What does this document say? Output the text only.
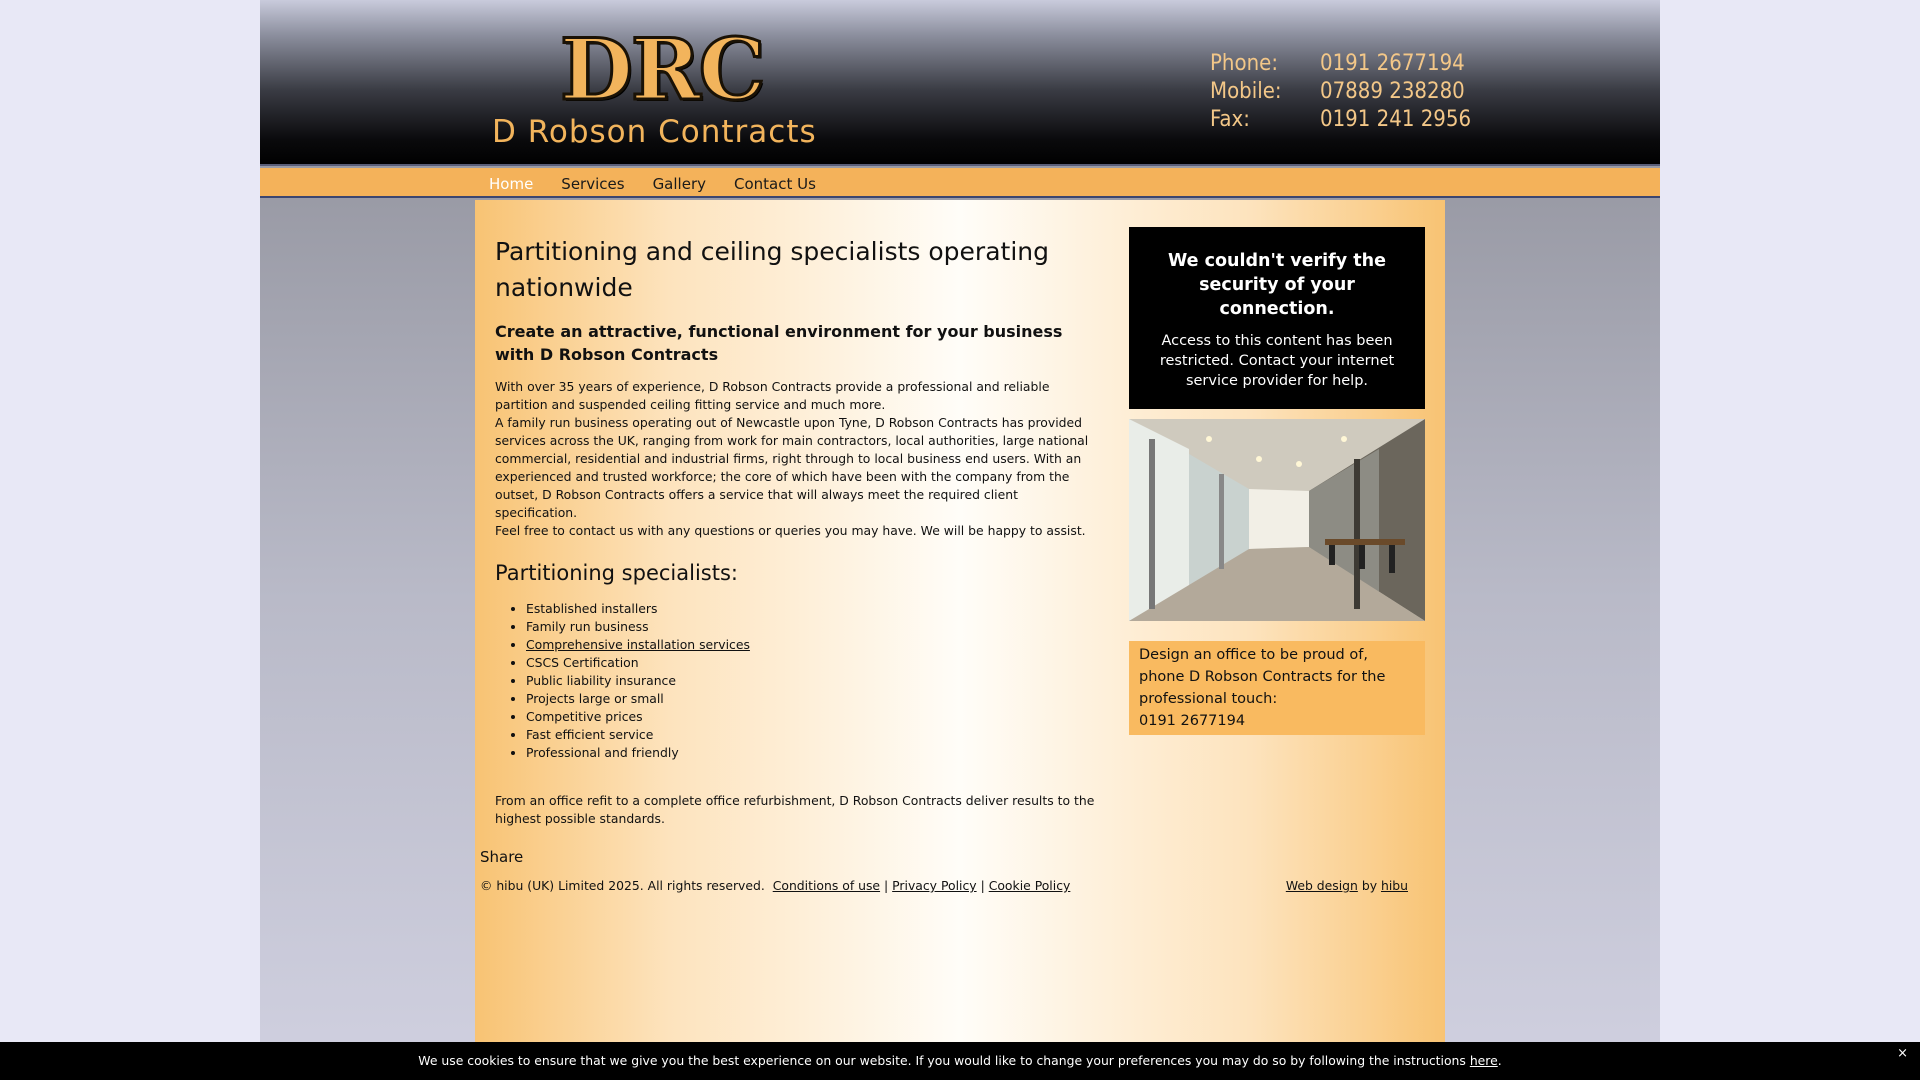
DRC
D Robson Contracts
Phone: 0191 2677194
Mobile: 07889 238280
Fax:	0191 241 2956
Home	Services	Gallery	Contact Us
Partitioning and ceiling specialists operating nationwide
Create an attractive, functional environment for your business with D Robson Contracts

With over 35 years of experience, D Robson Contracts provide a professional and reliable partition and suspended ceiling fitting service and much more.

A family run business operating out of Newcastle upon Tyne, D Robson Contracts has provided services across the UK, ranging from work for main contractors, local authorities, large national commercial, residential and industrial firms, right through to local business end users. With an experienced and trusted workforce; the core of which have been with the company from the outset, D Robson Contracts offers a service that will always meet the required client specification.

Feel free to contact us with any questions or queries you may have. We will be happy to assist.

Partitioning specialists:
• Established installers
• Family run business
• Comprehensive installation services
• CSCS Certification
• Public liability insurance
• Projects large or small
• Competitive prices
• Fast efficient service
• Professional and friendly

From an office refit to a complete office refurbishment, D Robson Contracts deliver results to the highest possible standards.

We couldn't verify the security of your connection.
Access to this content has been restricted. Contact your internet service provider for help.
Design an office to be proud of, phone D Robson Contracts for the professional touch:
0191 2677194
Share
© hibu (UK) Limited 2025. All rights reserved. Conditions of use | Privacy Policy | Cookie Policy	Web design by hibu
We use cookies to ensure that we give you the best experience on our website. If you would like to change your preferences you may do so by following the instructions here.	×
